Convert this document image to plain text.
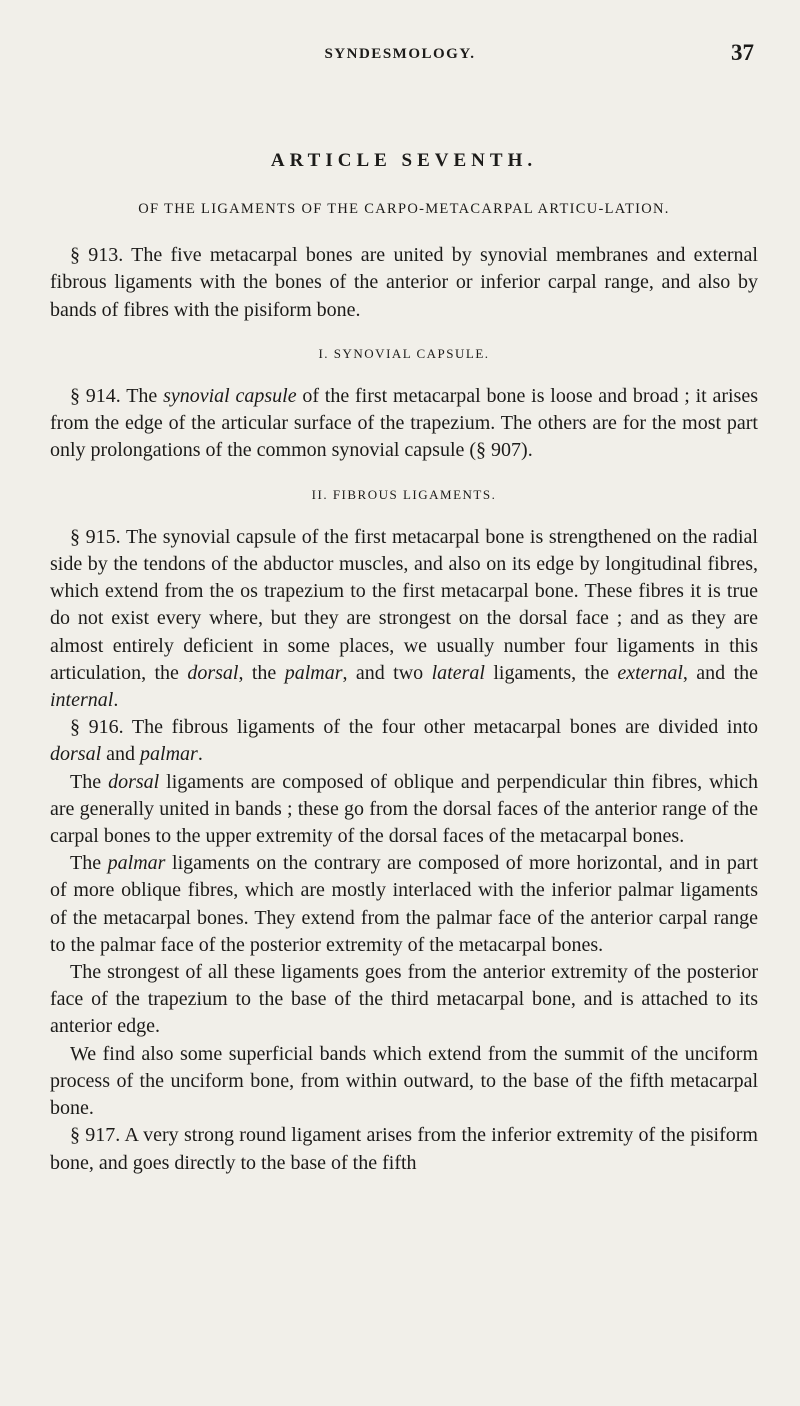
SYNDESMOLOGY.	37
ARTICLE SEVENTH.
OF THE LIGAMENTS OF THE CARPO-METACARPAL ARTICU-LATION.

§ 913. The five metacarpal bones are united by synovial membranes and external fibrous ligaments with the bones of the anterior or inferior carpal range, and also by bands of fibres with the pisiform bone.

I. SYNOVIAL CAPSULE.

§ 914. The synovial capsule of the first metacarpal bone is loose and broad ; it arises from the edge of the articular surface of the trapezium. The others are for the most part only prolongations of the common synovial capsule (§ 907).

II. FIBROUS LIGAMENTS.

§ 915. The synovial capsule of the first metacarpal bone is strengthened on the radial side by the tendons of the abductor muscles, and also on its edge by longitudinal fibres, which extend from the os trapezium to the first metacarpal bone. These fibres it is true do not exist every where, but they are strongest on the dorsal face ; and as they are almost entirely deficient in some places, we usually number four ligaments in this articulation, the dorsal, the palmar, and two lateral ligaments, the external, and the internal.

§ 916. The fibrous ligaments of the four other metacarpal bones are divided into dorsal and palmar.

The dorsal ligaments are composed of oblique and perpendicular thin fibres, which are generally united in bands ; these go from the dorsal faces of the anterior range of the carpal bones to the upper extremity of the dorsal faces of the metacarpal bones.

The palmar ligaments on the contrary are composed of more horizontal, and in part of more oblique fibres, which are mostly interlaced with the inferior palmar ligaments of the metacarpal bones. They extend from the palmar face of the anterior carpal range to the palmar face of the posterior extremity of the metacarpal bones.

The strongest of all these ligaments goes from the anterior extremity of the posterior face of the trapezium to the base of the third metacarpal bone, and is attached to its anterior edge.

We find also some superficial bands which extend from the summit of the unciform process of the unciform bone, from within outward, to the base of the fifth metacarpal bone.

§ 917. A very strong round ligament arises from the inferior extremity of the pisiform bone, and goes directly to the base of the fifth
